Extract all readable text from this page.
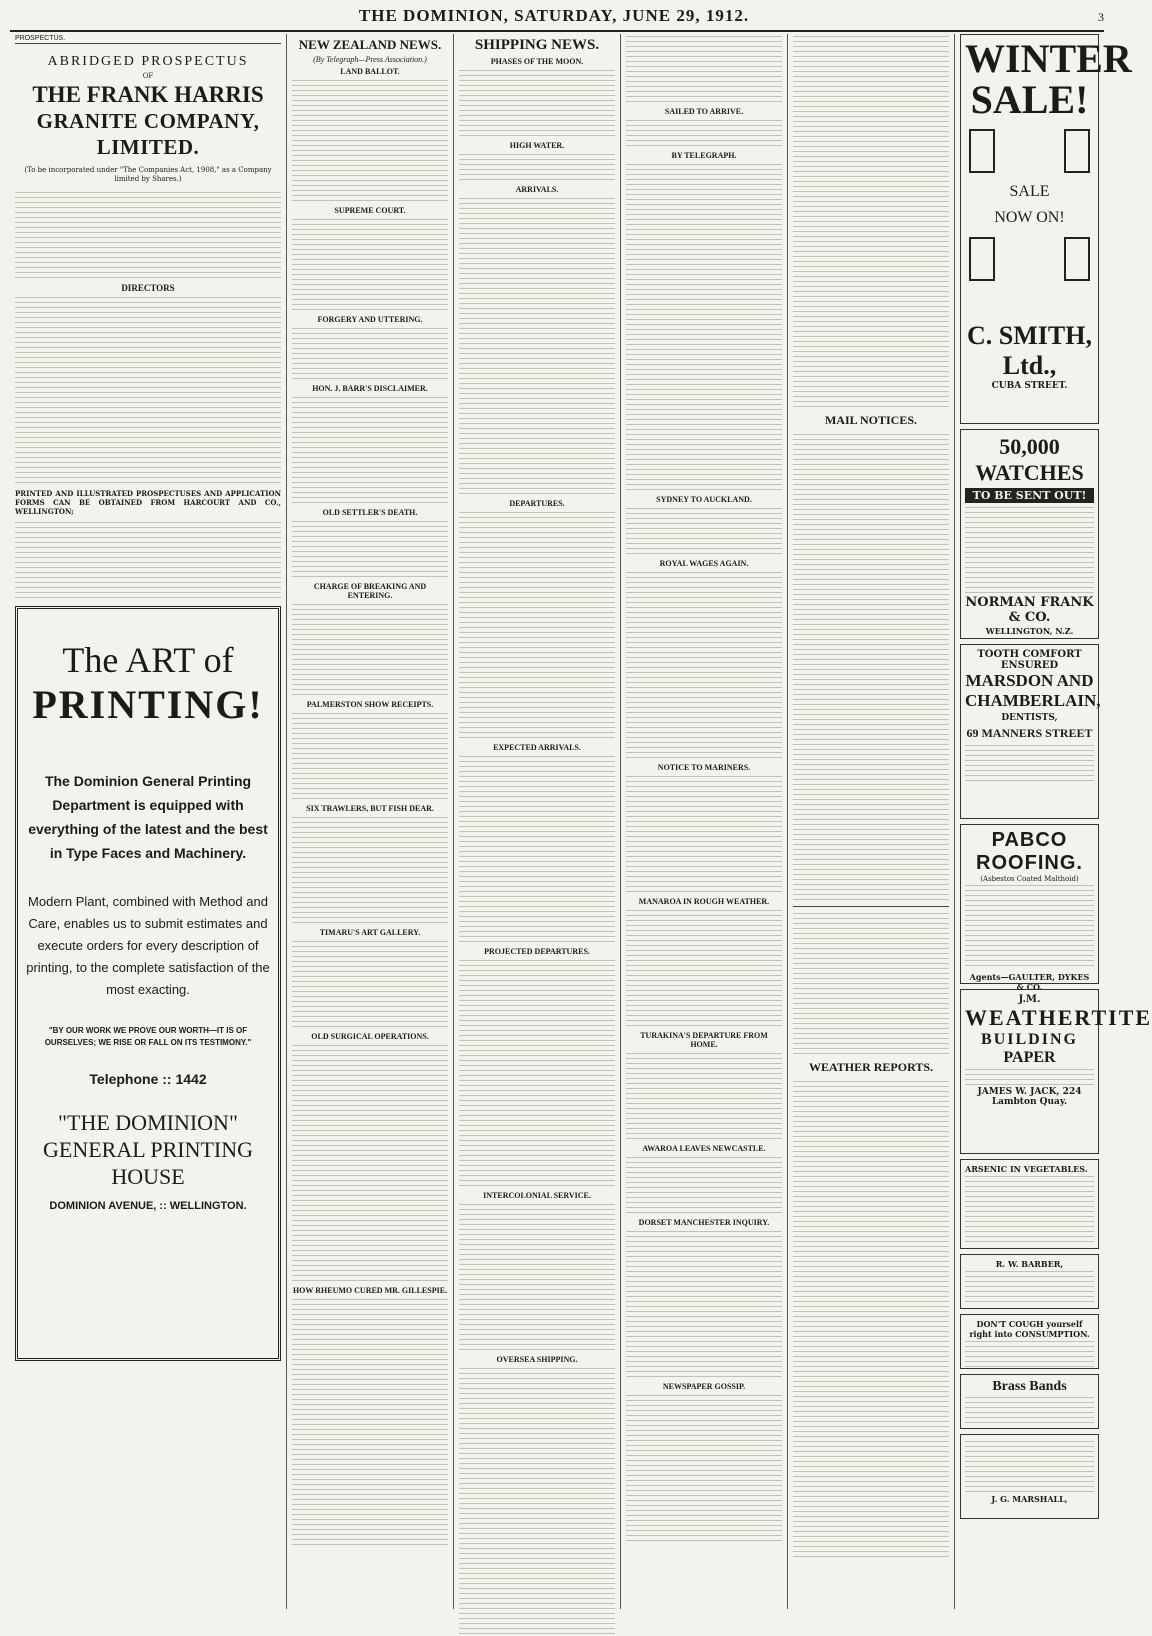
THE DOMINION, SATURDAY, JUNE 29, 1912.	3
PROSPECTUS.
ABRIDGED PROSPECTUS
OF
THE FRANK HARRIS
GRANITE COMPANY, LIMITED.
(To be incorporated under "The Companies Act, 1908," as a Company limited by Shares.)
DIRECTORS
PRINTED AND ILLUSTRATED PROSPECTUSES AND APPLICATION FORMS CAN BE OBTAINED FROM HARCOURT AND CO., WELLINGTON;
The ART of
PRINTING!
The Dominion General Printing Department is equipped with everything of the latest and the best in Type Faces and Machinery.
Modern Plant, combined with Method and Care, enables us to submit estimates and execute orders for every description of printing, to the complete satisfaction of the most exacting.
"BY OUR WORK WE PROVE OUR WORTH—IT IS OF OURSELVES; WE RISE OR FALL ON ITS TESTIMONY."
Telephone :: 1442
"THE DOMINION" GENERAL PRINTING HOUSE
DOMINION AVENUE, :: WELLINGTON.
NEW ZEALAND NEWS.
(By Telegraph—Press Association.)
LAND BALLOT.
SUPREME COURT.
FORGERY AND UTTERING.
HON. J. BARR'S DISCLAIMER.
OLD SETTLER'S DEATH.
CHARGE OF BREAKING AND ENTERING.
PALMERSTON SHOW RECEIPTS.
SIX TRAWLERS, BUT FISH DEAR.
TIMARU'S ART GALLERY.
OLD SURGICAL OPERATIONS.
HOW RHEUMO CURED MR. GILLESPIE.
SHIPPING NEWS.
PHASES OF THE MOON.
HIGH WATER.
ARRIVALS.
DEPARTURES.
EXPECTED ARRIVALS.
PROJECTED DEPARTURES.
INTERCOLONIAL SERVICE.
OVERSEA SHIPPING.
SAILED TO ARRIVE.
BY TELEGRAPH.
SYDNEY TO AUCKLAND.
ROYAL WAGES AGAIN.
NOTICE TO MARINERS.
MANAROA IN ROUGH WEATHER.
TURAKINA'S DEPARTURE FROM HOME.
AWAROA LEAVES NEWCASTLE.
DORSET MANCHESTER INQUIRY.
NEWSPAPER GOSSIP.
MAIL NOTICES.
WEATHER REPORTS.
WINTER
SALE!
SALE
NOW ON!
C. SMITH, Ltd.,
CUBA STREET.
50,000 WATCHES
TO BE SENT OUT!
NORMAN FRANK & CO.
WELLINGTON, N.Z.
TOOTH COMFORT ENSURED
MARSDON AND CHAMBERLAIN,
DENTISTS,
69 MANNERS STREET
PABCO ROOFING.
(Asbestos Coated Malthoid)
Agents—GAULTER, DYKES & CO.
J.M.
WEATHERTITE
BUILDING
PAPER
JAMES W. JACK, 224 Lambton Quay.
ARSENIC IN VEGETABLES.
R. W. BARBER,
DON'T COUGH yourself right into CONSUMPTION.
Brass Bands
J. G. MARSHALL,
